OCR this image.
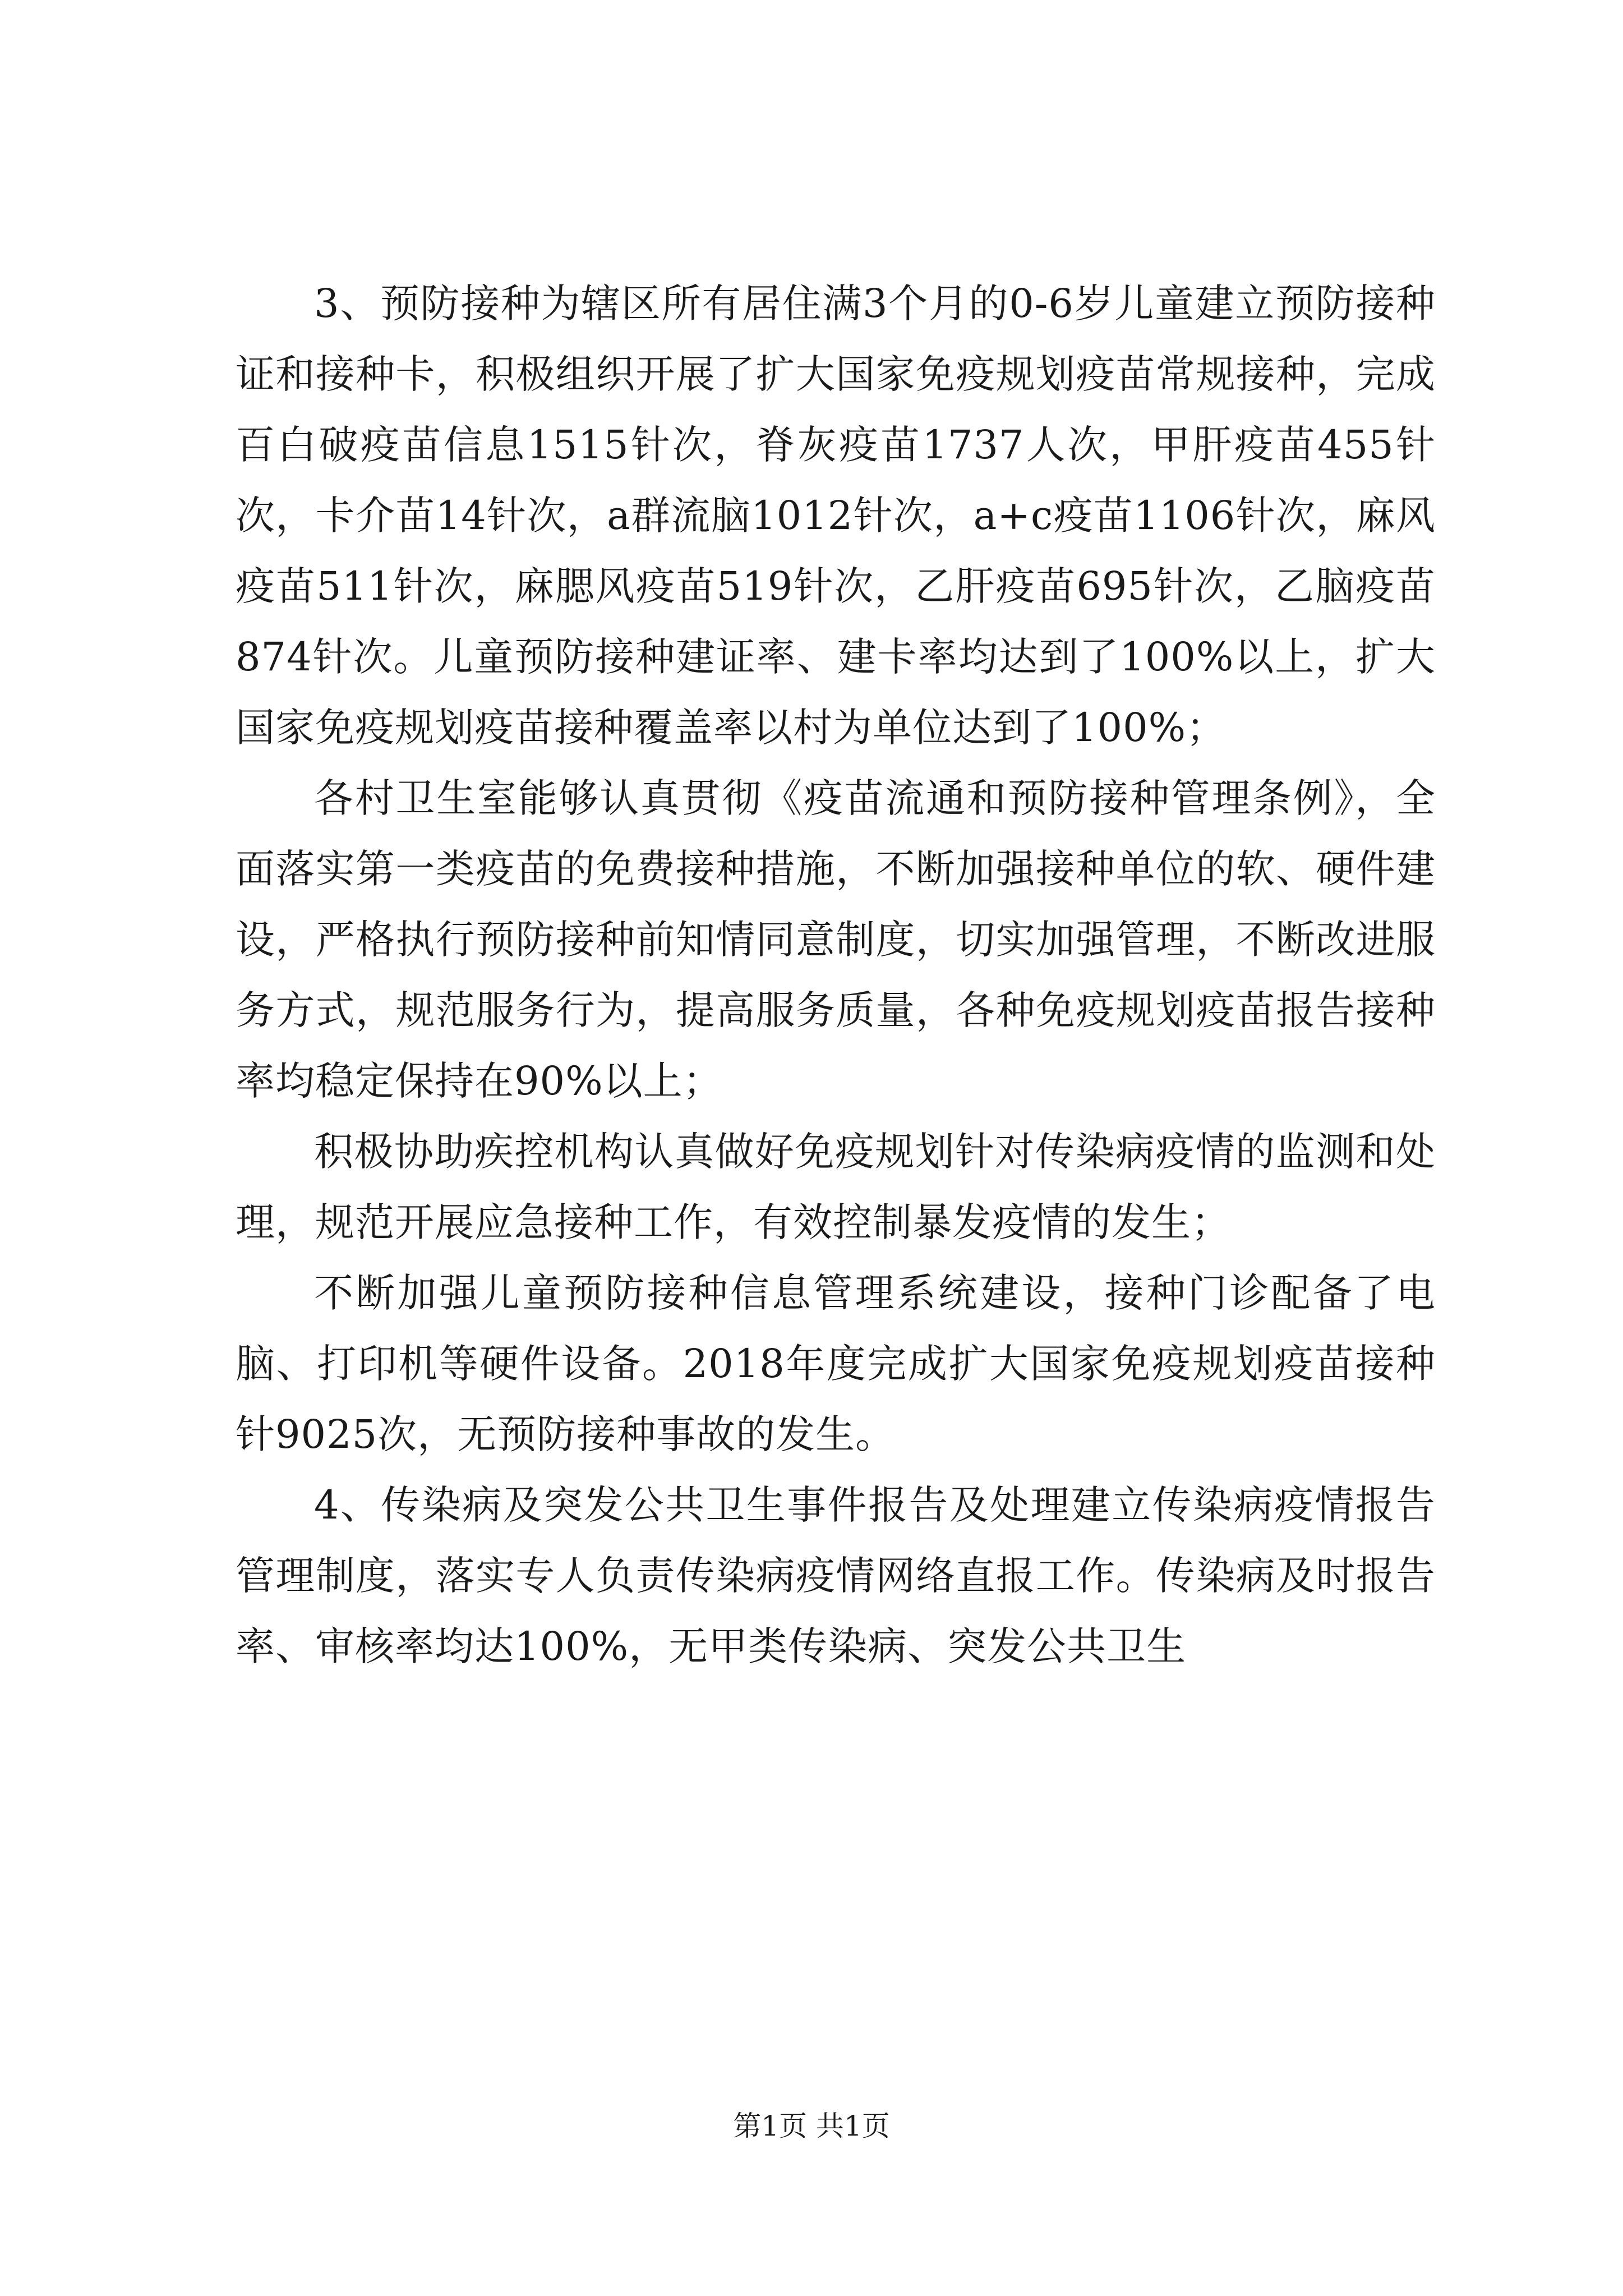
3、预防接种为辖区所有居住满3个月的0-6岁儿童建立预防接种证和接种卡，积极组织开展了扩大国家免疫规划疫苗常规接种，完成百白破疫苗信息1515针次，脊灰疫苗1737人次，甲肝疫苗455针次，卡介苗14针次，a群流脑1012针次，a+c疫苗1106针次，麻风疫苗511针次，麻腮风疫苗519针次，乙肝疫苗695针次，乙脑疫苗874针次。儿童预防接种建证率、建卡率均达到了100%以上，扩大国家免疫规划疫苗接种覆盖率以村为单位达到了100%；

各村卫生室能够认真贯彻《疫苗流通和预防接种管理条例》，全面落实第一类疫苗的免费接种措施，不断加强接种单位的软、硬件建设，严格执行预防接种前知情同意制度，切实加强管理，不断改进服务方式，规范服务行为，提高服务质量，各种免疫规划疫苗报告接种率均稳定保持在90%以上；

积极协助疾控机构认真做好免疫规划针对传染病疫情的监测和处理，规范开展应急接种工作，有效控制暴发疫情的发生；

不断加强儿童预防接种信息管理系统建设，接种门诊配备了电脑、打印机等硬件设备。2018年度完成扩大国家免疫规划疫苗接种针9025次，无预防接种事故的发生。

4、传染病及突发公共卫生事件报告及处理建立传染病疫情报告管理制度，落实专人负责传染病疫情网络直报工作。传染病及时报告率、审核率均达100%，无甲类传染病、突发公共卫生

第1页 共1页
